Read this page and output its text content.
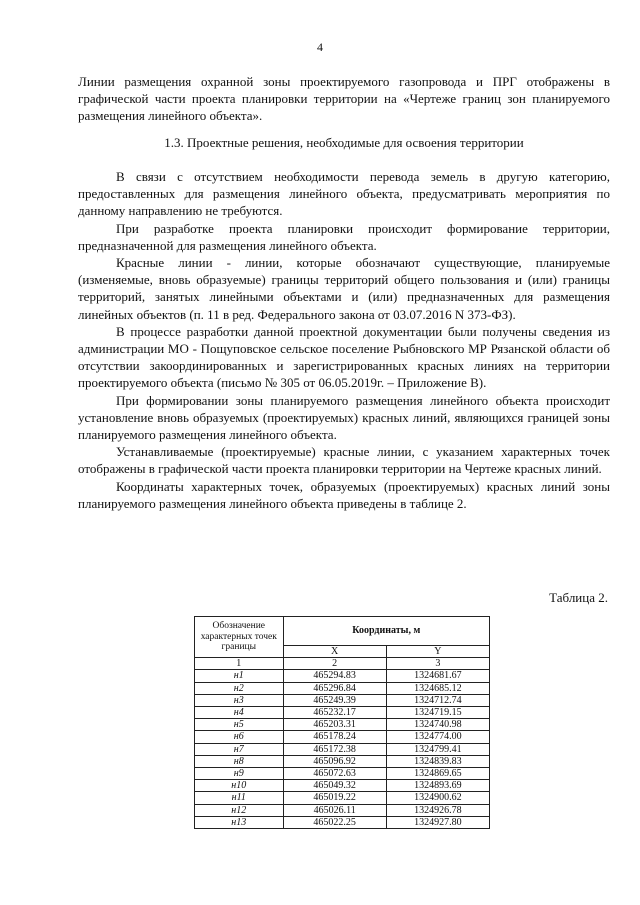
4
Линии размещения охранной зоны проектируемого газопровода и ПРГ отображены в графической части проекта планировки территории на «Чертеже границ зон планируемого размещения линейного объекта».
1.3. Проектные решения, необходимые для освоения территории

В связи с отсутствием необходимости перевода земель в другую категорию, предоставленных для размещения линейного объекта, предусматривать мероприятия по данному направлению не требуются.

При разработке проекта планировки происходит формирование территории, предназначенной для размещения линейного объекта.

Красные линии - линии, которые обозначают существующие, планируемые (изменяемые, вновь образуемые) границы территорий общего пользования и (или) границы территорий, занятых линейными объектами и (или) предназначенных для размещения линейных объектов (п. 11 в ред. Федерального закона от 03.07.2016 N 373-ФЗ).

В процессе разработки данной проектной документации были получены сведения из администрации МО - Пощуповское сельское поселение Рыбновского МР Рязанской области об отсутствии закоординированных и зарегистрированных красных линиях на территории проектируемого объекта (письмо № 305 от 06.05.2019г. – Приложение В).

При формировании зоны планируемого размещения линейного объекта происходит установление вновь образуемых (проектируемых) красных линий, являющихся границей зоны планируемого размещения линейного объекта.

Устанавливаемые (проектируемые) красные линии, с указанием характерных точек отображены в графической части проекта планировки территории на Чертеже красных линий.

Координаты характерных точек, образуемых (проектируемых) красных линий зоны планируемого размещения линейного объекта приведены в таблице 2.

Таблица 2.
Обозначение характерных точек границы	Координаты, м	
	X	Y
1	2	3
н1	465294.83	1324681.67
н2	465296.84	1324685.12
н3	465249.39	1324712.74
н4	465232.17	1324719.15
н5	465203.31	1324740.98
н6	465178.24	1324774.00
н7	465172.38	1324799.41
н8	465096.92	1324839.83
н9	465072.63	1324869.65
н10	465049.32	1324893.69
н11	465019.22	1324900.62
н12	465026.11	1324926.78
н13	465022.25	1324927.80
